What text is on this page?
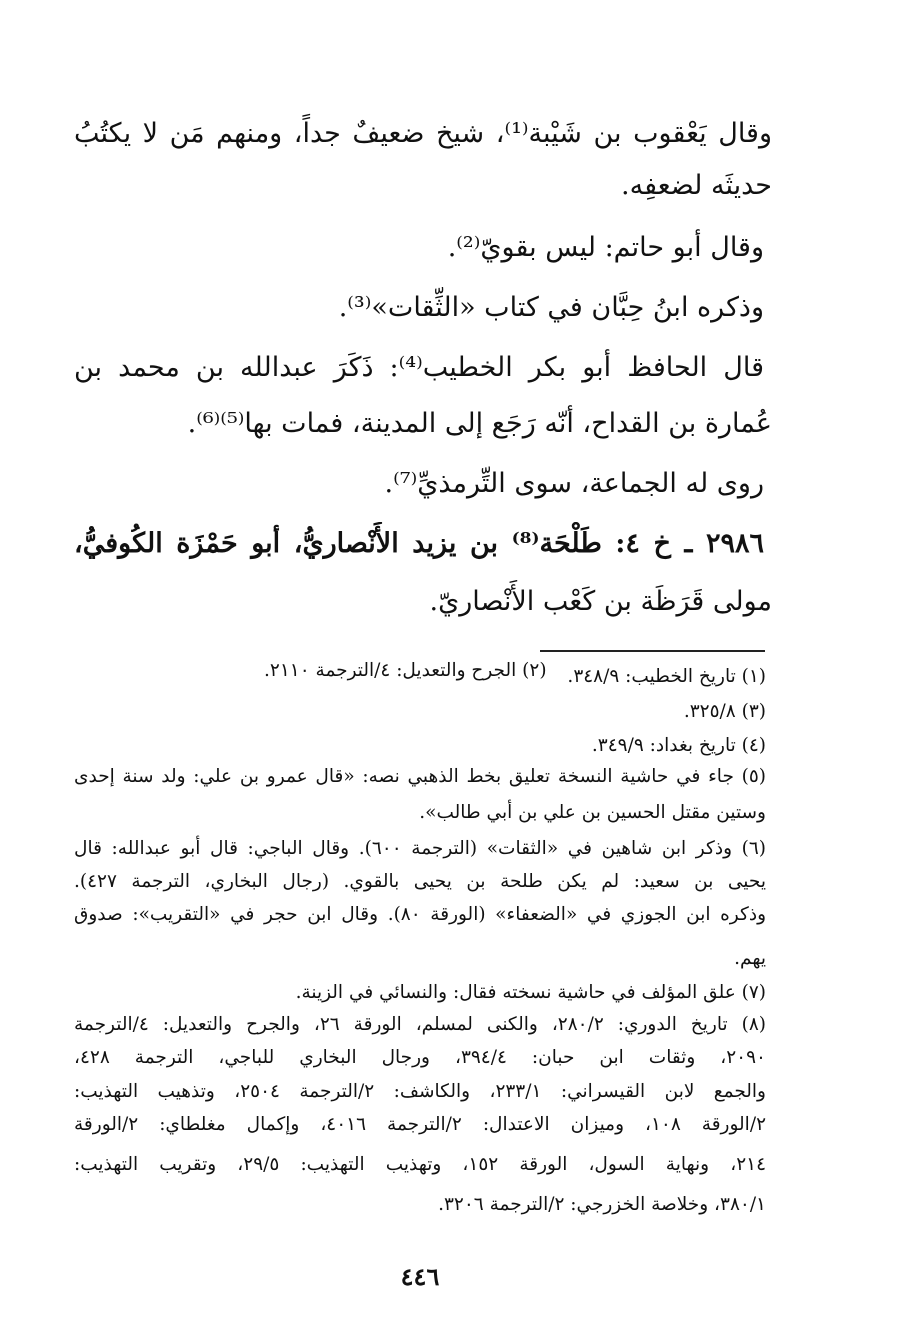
وقال يَعْقوب بن شَيْبة⁽¹⁾، شيخ ضعيفٌ جداً، ومنهم مَن لا يكتُبُ
حديثَه لضعفِه.
وقال أبو حاتم: ليس بقويّ⁽²⁾.
وذكره ابنُ حِبَّان في كتاب «الثِّقات»⁽³⁾.
قال الحافظ أبو بكر الخطيب⁽⁴⁾: ذَكَرَ عبدالله بن محمد بن
عُمارة بن القداح، أنّه رَجَع إلى المدينة، فمات بها⁽⁵⁾⁽⁶⁾.
روى له الجماعة، سوى التِّرمذيِّ⁽⁷⁾.
٢٩٨٦ ـ خ ٤: طَلْحَة⁽⁸⁾ بن يزيد الأَنْصاريُّ، أبو حَمْزَة الكُوفيُّ،
مولى قَرَظَة بن كَعْب الأَنْصاريّ.
(١) تاريخ الخطيب: ٣٤٨/٩.
(٢) الجرح والتعديل: ٤/الترجمة ٢١١٠.
(٣) ٣٢٥/٨.
(٤) تاريخ بغداد: ٣٤٩/٩.
(٥) جاء في حاشية النسخة تعليق بخط الذهبي نصه: «قال عمرو بن علي: ولد سنة إحدى
وستين مقتل الحسين بن علي بن أبي طالب».
(٦) وذكر ابن شاهين في «الثقات» (الترجمة ٦٠٠). وقال الباجي: قال أبو عبدالله: قال
يحيى بن سعيد: لم يكن طلحة بن يحيى بالقوي. (رجال البخاري، الترجمة ٤٢٧).
وذكره ابن الجوزي في «الضعفاء» (الورقة ٨٠). وقال ابن حجر في «التقريب»: صدوق
يهم.
(٧) علق المؤلف في حاشية نسخته فقال: والنسائي في الزينة.
(٨) تاريخ الدوري: ٢٨٠/٢، والكنى لمسلم، الورقة ٢٦، والجرح والتعديل: ٤/الترجمة
٢٠٩٠، وثقات ابن حبان: ٣٩٤/٤، ورجال البخاري للباجي، الترجمة ٤٢٨،
والجمع لابن القيسراني: ٢٣٣/١، والكاشف: ٢/الترجمة ٢٥٠٤، وتذهيب التهذيب:
٢/الورقة ١٠٨، وميزان الاعتدال: ٢/الترجمة ٤٠١٦، وإكمال مغلطاي: ٢/الورقة
٢١٤، ونهاية السول، الورقة ١٥٢، وتهذيب التهذيب: ٢٩/٥، وتقريب التهذيب:
٣٨٠/١، وخلاصة الخزرجي: ٢/الترجمة ٣٢٠٦.
٤٤٦
